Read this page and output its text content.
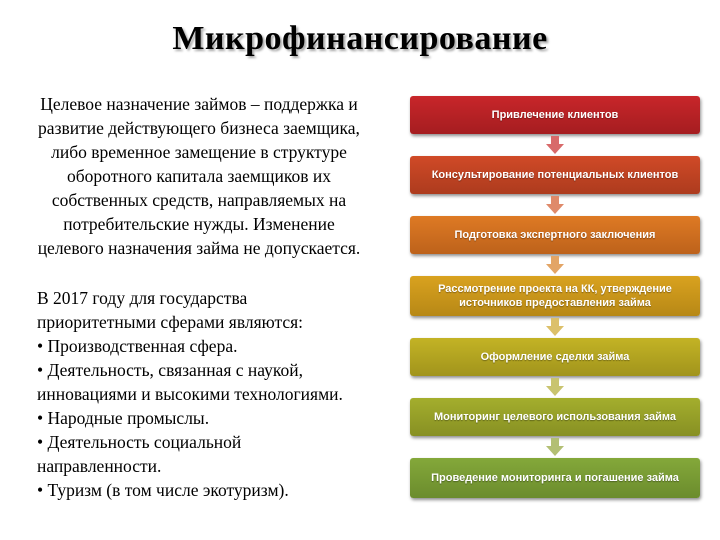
Микрофинансирование
Целевое назначение займов – поддержка и
развитие действующего бизнеса заемщика,
либо временное замещение в структуре
оборотного капитала заемщиков их
собственных средств, направляемых на
потребительские нужды. Изменение
целевого назначения займа не допускается.
В 2017 году для государства
приоритетными сферами являются:
• Производственная сфера.
• Деятельность, связанная с наукой,
инновациями и высокими технологиями.
• Народные промыслы.
• Деятельность социальной
направленности.
• Туризм (в том числе экотуризм).
Привлечение клиентов
Консультирование потенциальных клиентов
Подготовка экспертного заключения
Рассмотрение проекта на КК, утверждение источников предоставления займа
Оформление сделки займа
Мониторинг целевого использования займа
Проведение мониторинга и погашение займа
